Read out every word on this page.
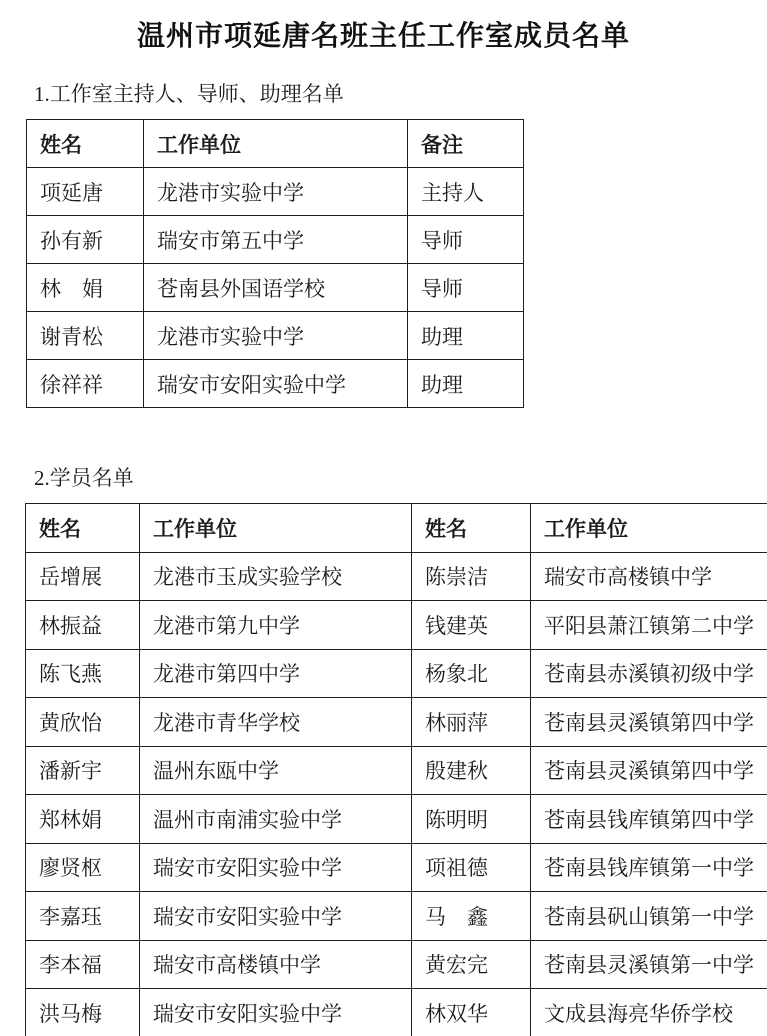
温州市项延唐名班主任工作室成员名单
1.工作室主持人、导师、助理名单
姓名	工作单位	备注
项延唐	龙港市实验中学	主持人
孙有新	瑞安市第五中学	导师
林　娟	苍南县外国语学校	导师
谢青松	龙港市实验中学	助理
徐祥祥	瑞安市安阳实验中学	助理
2.学员名单
姓名	工作单位	姓名	工作单位
岳增展	龙港市玉成实验学校	陈崇洁	瑞安市高楼镇中学
林振益	龙港市第九中学	钱建英	平阳县萧江镇第二中学
陈飞燕	龙港市第四中学	杨象北	苍南县赤溪镇初级中学
黄欣怡	龙港市青华学校	林丽萍	苍南县灵溪镇第四中学
潘新宇	温州东瓯中学	殷建秋	苍南县灵溪镇第四中学
郑林娟	温州市南浦实验中学	陈明明	苍南县钱库镇第四中学
廖贤枢	瑞安市安阳实验中学	项祖德	苍南县钱库镇第一中学
李嘉珏	瑞安市安阳实验中学	马　鑫	苍南县矾山镇第一中学
李本福	瑞安市高楼镇中学	黄宏完	苍南县灵溪镇第一中学
洪马梅	瑞安市安阳实验中学	林双华	文成县海亮华侨学校
